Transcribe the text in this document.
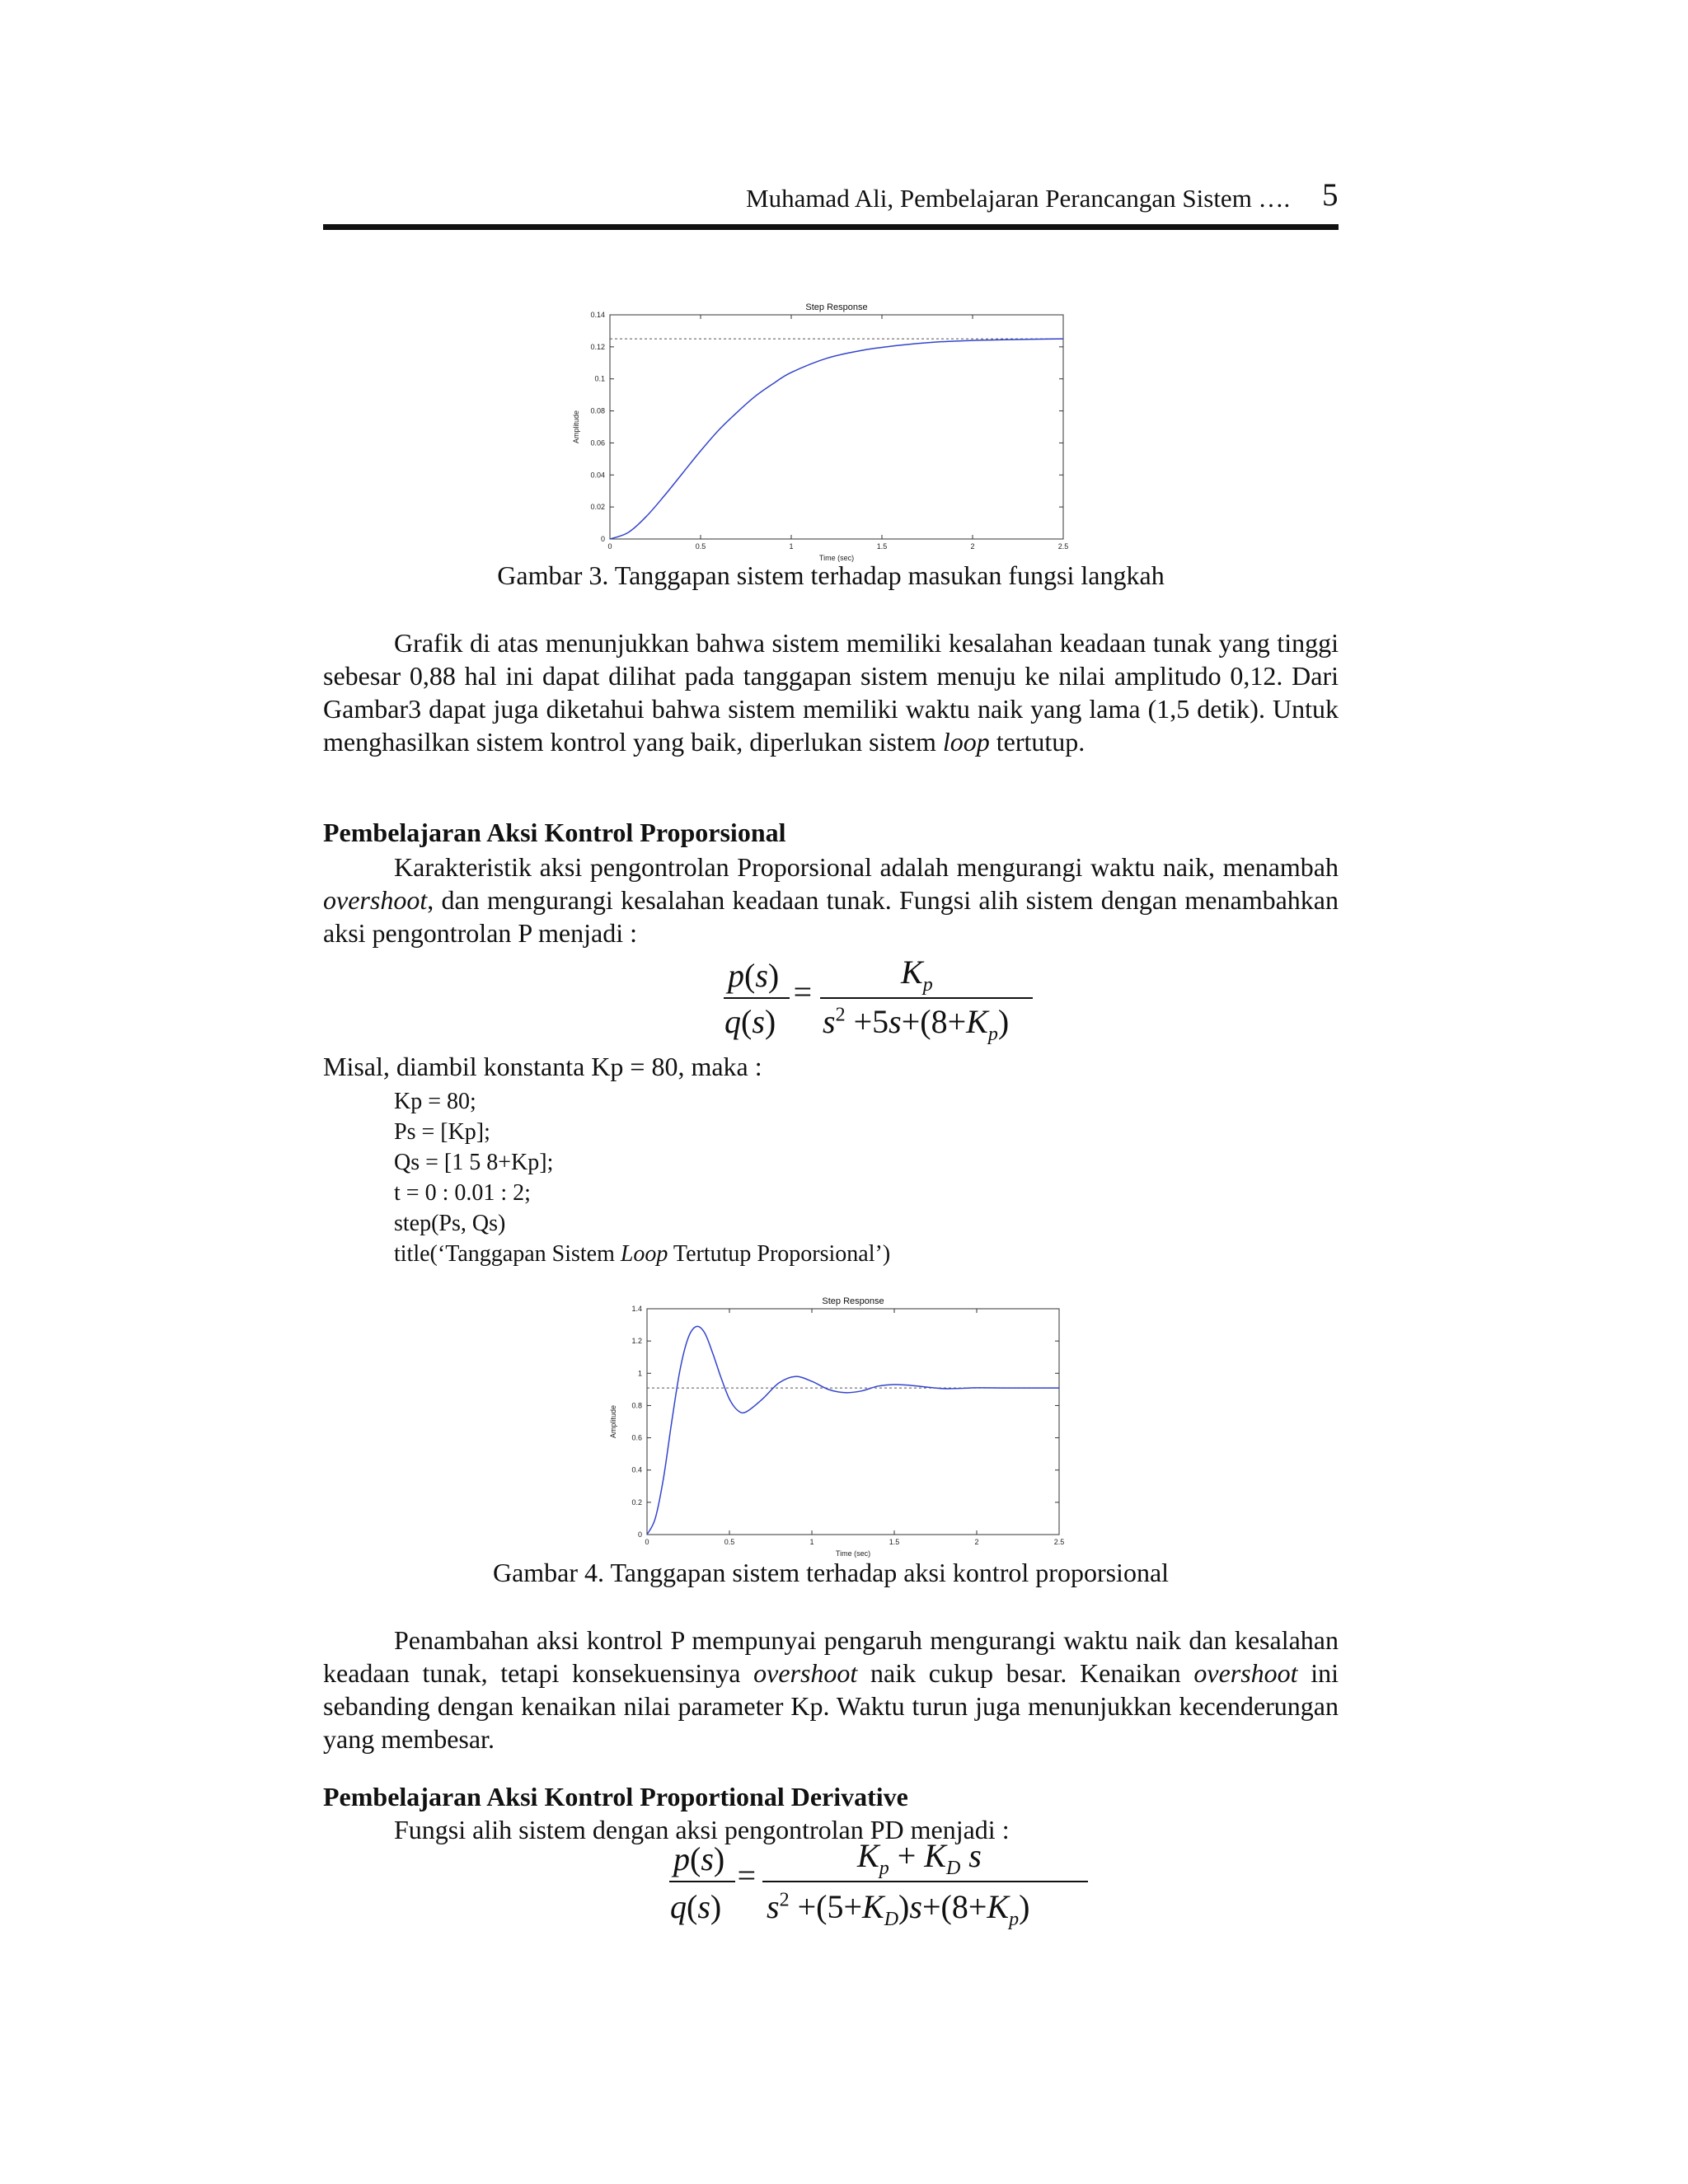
Muhamad Ali, Pembelajaran Perancangan Sistem …. 5
Step Response
0
0.02
0.04
0.06
0.08
0.1
0.12
0.14
0	0.5	1	1.5	2	2.5
Time (sec)
Amplitude
Gambar 3. Tanggapan sistem terhadap masukan fungsi langkah

Grafik di atas menunjukkan bahwa sistem memiliki kesalahan keadaan tunak yang tinggi sebesar 0,88 hal ini dapat dilihat pada tanggapan sistem menuju ke nilai amplitudo 0,12. Dari Gambar3 dapat juga diketahui bahwa sistem memiliki waktu naik yang lama (1,5 detik). Untuk menghasilkan sistem kontrol yang baik, diperlukan sistem loop tertutup.

Pembelajaran Aksi Kontrol Proporsional

Karakteristik aksi pengontrolan Proporsional adalah mengurangi waktu naik, menambah overshoot, dan mengurangi kesalahan keadaan tunak. Fungsi alih sistem dengan menambahkan aksi pengontrolan P menjadi :

p(s)
q(s)
=
$K_p$
$s^2 +5s+(8+K_p)$
Misal, diambil konstanta Kp = 80, maka :
Kp = 80;
Ps = [Kp];
Qs = [1 5 8+Kp];
t = 0 : 0.01 : 2;
step(Ps, Qs)
title(‘Tanggapan Sistem Loop Tertutup Proporsional’)
Step Response
0
0.2
0.4
0.6
0.8
1
1.2
1.4
0	0.5	1	1.5	2	2.5
Time (sec)
Amplitude
Gambar 4. Tanggapan sistem terhadap aksi kontrol proporsional

Penambahan aksi kontrol P mempunyai pengaruh mengurangi waktu naik dan kesalahan keadaan tunak, tetapi konsekuensinya overshoot naik cukup besar. Kenaikan overshoot ini sebanding dengan kenaikan nilai parameter Kp. Waktu turun juga menunjukkan kecenderungan yang membesar.

Pembelajaran Aksi Kontrol Proportional Derivative
Fungsi alih sistem dengan aksi pengontrolan PD menjadi :
p(s)
q(s)
=
$K_p + K_D$ s
$s^2 +(5+K_D)s+(8+K_p)$
